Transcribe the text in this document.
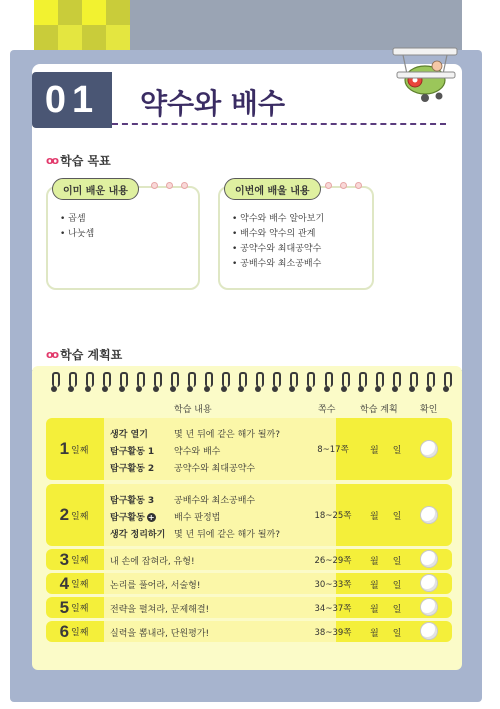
0 1 약수와 배수
oo 학습 목표
이미 배운 내용
• 곱셈
• 나눗셈
이번에 배울 내용
• 약수와 배수 알아보기
• 배수와 약수의 관계
• 공약수와 최대공약수
• 공배수와 최소공배수
oo 학습 계획표
학습 내용	쪽수	학습 계획 확인
1 일째
생각 열기	몇 년 뒤에 같은 해가 될까?
탐구활동 1	약수와 배수
탐구활동 2	공약수와 최대공약수
8~17쪽	월 일
2 일째
탐구활동 3	공배수와 최소공배수
탐구활동 +	배수 판정법
생각 정리하기 몇 년 뒤에 같은 해가 될까?
18~25쪽	월 일
3 일째 내 손에 잡혀라, 유형!	26~29쪽	월 일
4 일째 논리를 풀어라, 서술형!	30~33쪽	월 일
5 일째 전략을 펼쳐라, 문제해결!	34~37쪽	월 일
6 일째 실력을 뽐내라, 단원평가!	38~39쪽	월 일
